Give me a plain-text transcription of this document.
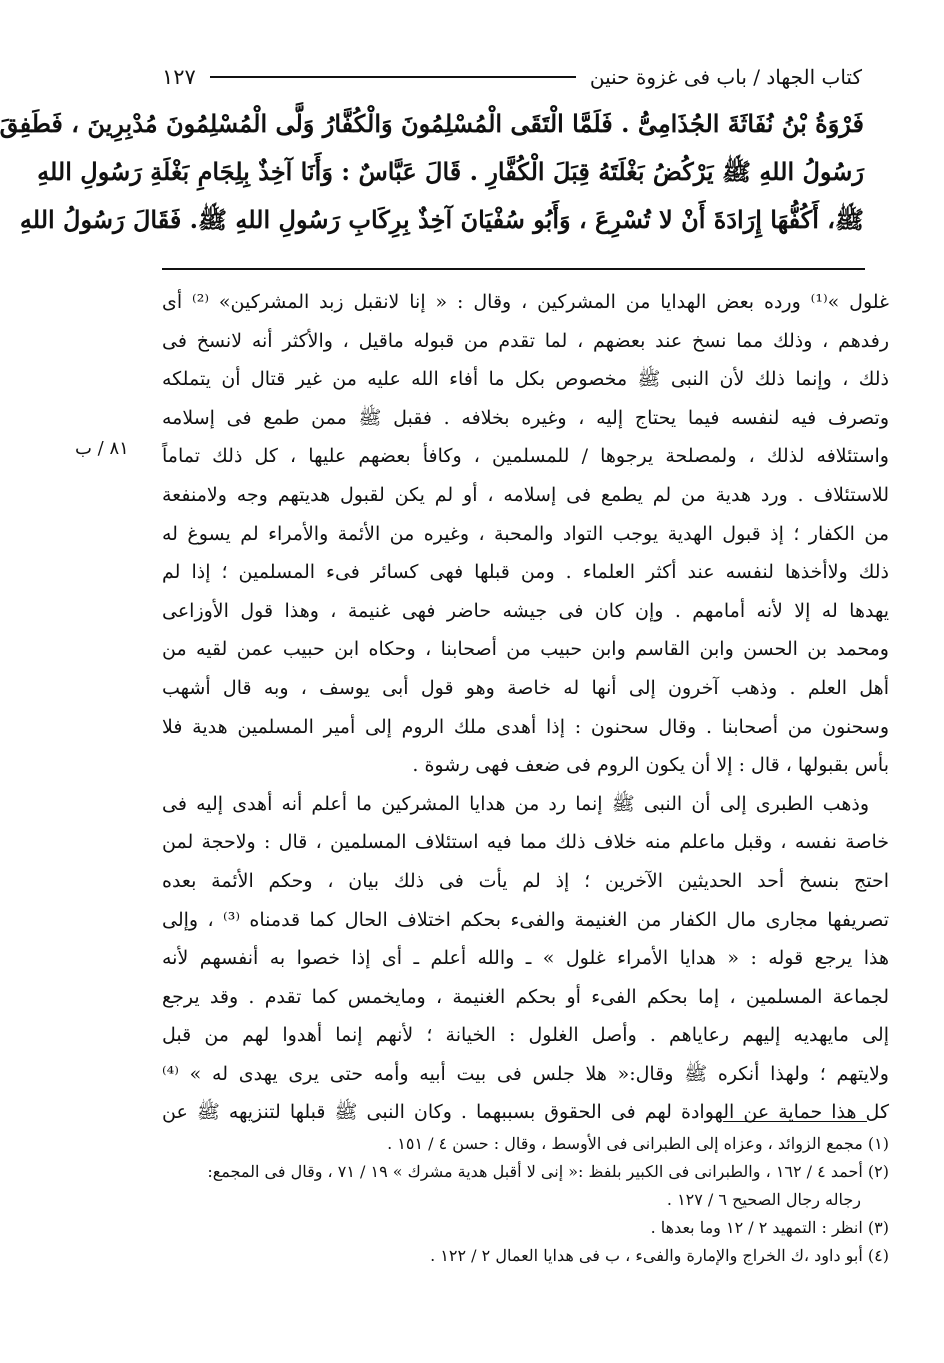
كتاب الجهاد / باب فى غزوة حنين
١٢٧
فَرْوَةُ بْنُ نُفَاثَةَ الجُذَامِىُّ . فَلَمَّا الْتَقَى الْمُسْلِمُونَ وَالْكُفَّارُ وَلَّى الْمُسْلِمُونَ مُدْبِرِينَ ، فَطَفِقَ
رَسُولُ اللهِ ﷺ يَرْكُضُ بَغْلَتَهُ قِبَلَ الْكُفَّارِ . قَالَ عَبَّاسٌ : وَأَنَا آخِذٌ بِلِجَامِ بَغْلَةِ رَسُولِ اللهِ
ﷺ، أَكُفُّهَا إِرَادَةَ أَنْ لا تُسْرِعَ ، وَأَبُو سُفْيَانَ آخِذٌ بِرِكَابِ رَسُولِ اللهِ ﷺ. فَقَالَ رَسُولُ اللهِ
غلول »⁽¹⁾ ورده بعض الهدايا من المشركين ، وقال : « إنا لانقبل زبد المشركين» ⁽²⁾ أى
رفدهم ، وذلك مما نسخ عند بعضهم ، لما تقدم من قبوله ماقيل ، والأكثر أنه لانسخ فى
ذلك ، وإنما ذلك لأن النبى ﷺ مخصوص بكل ما أفاء الله عليه من غير قتال أن يتملكه
وتصرف فيه لنفسه فيما يحتاج إليه ، وغيره بخلافه . فقبل ﷺ ممن طمع فى إسلامه
واستئلافه لذلك ، ولمصلحة يرجوها / للمسلمين ، وكافأ بعضهم عليها ، كل ذلك تماماً
للاستئلاف . ورد هدية من لم يطمع فى إسلامه ، أو لم يكن لقبول هديتهم وجه ولامنفعة
من الكفار ؛ إذ قبول الهدية يوجب التواد والمحبة ، وغيره من الأئمة والأمراء لم يسوغ له
ذلك ولاأخذها لنفسه عند أكثر العلماء . ومن قبلها فهى كسائر فىء المسلمين ؛ إذا لم
يهدها له إلا لأنه أمامهم . وإن كان فى جيشه حاضر فهى غنيمة ، وهذا قول الأوزاعى
ومحمد بن الحسن وابن القاسم وابن حبيب من أصحابنا ، وحكاه ابن حبيب عمن لقيه من
أهل العلم . وذهب آخرون إلى أنها له خاصة وهو قول أبى يوسف ، وبه قال أشهب
وسحنون من أصحابنا . وقال سحنون : إذا أهدى ملك الروم إلى أمير المسلمين هدية فلا
بأس بقبولها ، قال : إلا أن يكون الروم فى ضعف فهى رشوة .
وذهب الطبرى إلى أن النبى ﷺ إنما رد من هدايا المشركين ما أعلم أنه أهدى إليه فى
خاصة نفسه ، وقبل ماعلم منه خلاف ذلك مما فيه استئلاف المسلمين ، قال : ولاحجة لمن
احتج بنسخ أحد الحديثين الآخرين ؛ إذ لم يأت فى ذلك بيان ، وحكم الأئمة بعده
تصريفها مجارى مال الكفار من الغنيمة والفىء بحكم اختلاف الحال كما قدمناه ⁽³⁾ ، وإلى
هذا يرجع قوله : « هدايا الأمراء غلول » ـ والله أعلم ـ أى إذا خصوا به أنفسهم لأنه
لجماعة المسلمين ، إما بحكم الفىء أو بحكم الغنيمة ، ومايخمس كما تقدم . وقد يرجع
إلى مايهديه إليهم رعاياهم . وأصل الغلول : الخيانة ؛ لأنهم إنما أهدوا لهم من قبل
ولايتهم ؛ ولهذا أنكره ﷺ وقال:« هلا جلس فى بيت أبيه وأمه حتى يرى يهدى له » ⁽⁴⁾
كل هذا حماية عن الهوادة لهم فى الحقوق بسببهما . وكان النبى ﷺ قبلها لتنزيهه ﷺ عن
٨١ / ب
(١) مجمع الزوائد ، وعزاه إلى الطبرانى فى الأوسط ، وقال : حسن ٤ / ١٥١ .
(٢) أحمد ٤ / ١٦٢ ، والطبرانى فى الكبير بلفظ :« إنى لا أقبل هدية مشرك » ١٩ / ٧١ ، وقال فى المجمع:
رجاله رجال الصحيح ٦ / ١٢٧ .
(٣) انظر : التمهيد ٢ / ١٢ وما بعدها .
(٤) أبو داود ،ك الخراج والإمارة والفىء ، ب فى هدايا العمال ٢ / ١٢٢ .
